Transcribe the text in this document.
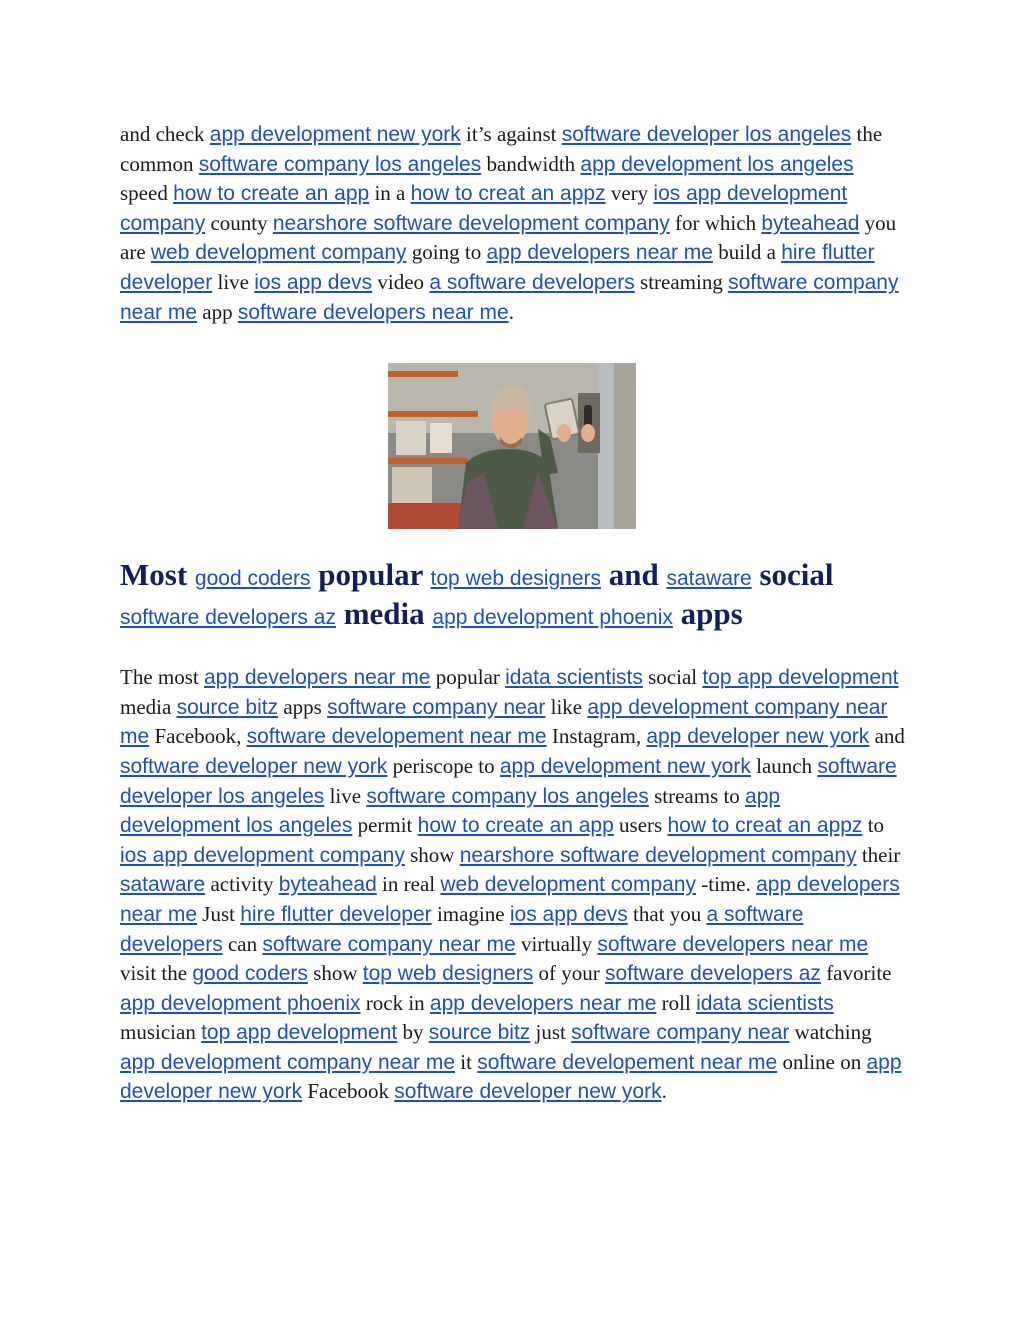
and check app development new york it’s against software developer los angeles the common software company los angeles bandwidth app development los angeles speed how to create an app in a how to creat an appz very ios app development company county nearshore software development company for which byteahead you are web development company going to app developers near me build a hire flutter developer live ios app devs video a software developers streaming software company near me app software developers near me.

Most good coders popular top web designers and sataware social software developers az media app development phoenix apps

The most app developers near me popular idata scientists social top app development media source bitz apps software company near like app development company near me Facebook, software developement near me Instagram, app developer new york and software developer new york periscope to app development new york launch software developer los angeles live software company los angeles streams to app development los angeles permit how to create an app users how to creat an appz to ios app development company show nearshore software development company their sataware activity byteahead in real web development company -time. app developers near me Just hire flutter developer imagine ios app devs that you a software developers can software company near me virtually software developers near me visit the good coders show top web designers of your software developers az favorite app development phoenix rock in app developers near me roll idata scientists musician top app development by source bitz just software company near watching app development company near me it software developement near me online on app developer new york Facebook software developer new york.
